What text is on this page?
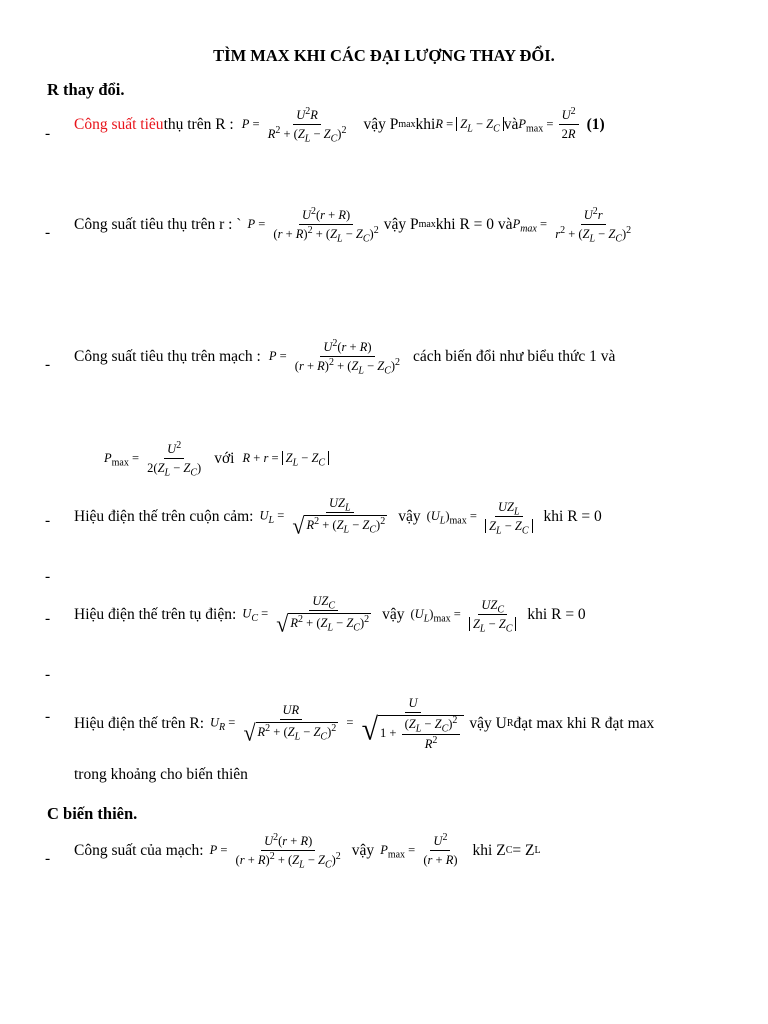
TÌM MAX KHI CÁC ĐẠI LƯỢNG THAY ĐỔI.
R thay đổi.
-
Công suất tiêu thụ trên R : $P = \frac{U^2R}{R^2 + (Z_L - Z_C)^2}$ vậy P max khi $R = Z_L - Z_C$ và $P_{max} = \frac{U^2}{2R} (1)$
- Công suất tiêu thụ trên r : ` $P = \frac{U^2(r + R)}{(r + R)^2 + (Z_L - Z_C)^2}$ vậy P max khi R = 0 và $P_{max} = \frac{U^2r}{r^2 + (Z_L - Z_C)^2}$
- Công suất tiêu thụ trên mạch : $P = \frac{U^2(r + R)}{(r + R)^2 + (Z_L - Z_C)^2}$ cách biến đổi như biểu thức 1 và
$P_{max} = \frac{U^2}{2(Z_L - Z_C)}$ với $R + r = Z_L - Z_C$
- Hiệu điện thế trên cuộn cảm: $U_L = \frac{UZ_L}{√ R^2 + (Z_L - Z_C)^2}$ vậy $(U_L)_{max} = \frac{UZ_L}{Z_L - Z_C}$ khi R = 0
-
- Hiệu điện thế trên tụ điện: $U_C = \frac{UZ_C}{√ R^2 + (Z_L - Z_C)^2}$ vậy $(U_L)_{max} = \frac{UZ_C}{Z_L - Z_C}$ khi R = 0
-
- Hiệu điện thế trên R: $U_R = \frac{UR}{√ R^2 + (Z_L - Z_C)^2} = \frac{U}{√ 1 + \frac{(Z_L - Z_C)^2}{R^2}}$ vậy U R đạt max khi R đạt max
trong khoảng cho biến thiên
C biến thiên.
- Công suất của mạch: $P = \frac{U^2(r + R)}{(r + R)^2 + (Z_L - Z_C)^2}$ vậy $P_{max} = \frac{U^2}{(r + R)}$ khi Z C = Z L
